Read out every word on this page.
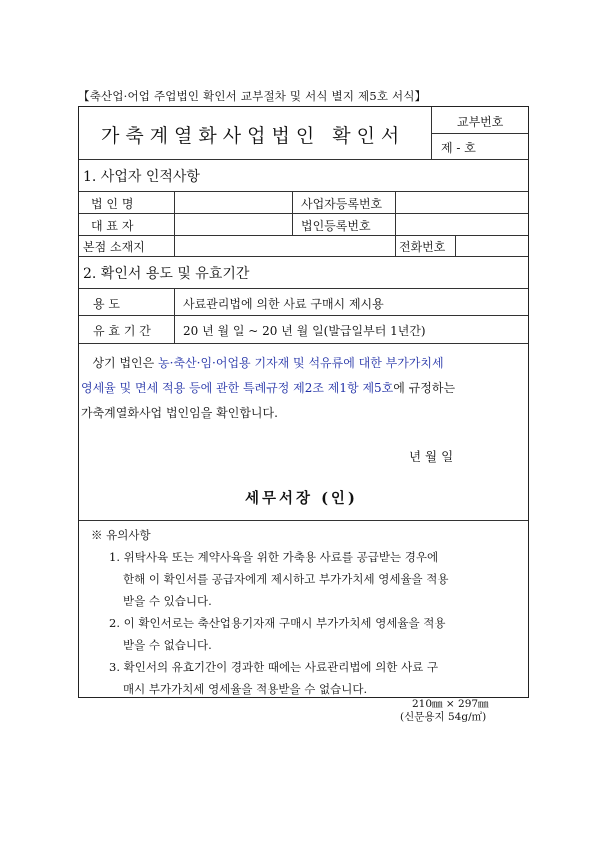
【축산업·어업 주업법인 확인서 교부절차 및 서식 별지 제5호 서식】
가축계열화사업법인 확인서
교부번호
제 - 호
1. 사업자 인적사항
법 인 명	사업자등록번호
대 표 자	법인등록번호
본점 소재지	전화번호
2. 확인서 용도 및 유효기간
용 도	사료관리법에 의한 사료 구매시 제시용
유 효 기 간	20 년 월 일 ~ 20 년 월 일(발급일부터 1년간)
상기 법인은 농·축산·임·어업용 기자재 및 석유류에 대한 부가가치세
영세율 및 면세 적용 등에 관한 특례규정 제2조 제1항 제5호에 규정하는
가축계열화사업 법인임을 확인합니다.
년 월 일
세무서장 (인)
※ 유의사항
1. 위탁사육 또는 계약사육을 위한 가축용 사료를 공급받는 경우에
한해 이 확인서를 공급자에게 제시하고 부가가치세 영세율을 적용
받을 수 있습니다.
2. 이 확인서로는 축산업용기자재 구매시 부가가치세 영세율을 적용
받을 수 없습니다.
3. 확인서의 유효기간이 경과한 때에는 사료관리법에 의한 사료 구
매시 부가가치세 영세율을 적용받을 수 없습니다.
210㎜ × 297㎜
(신문용지 54g/㎡)
